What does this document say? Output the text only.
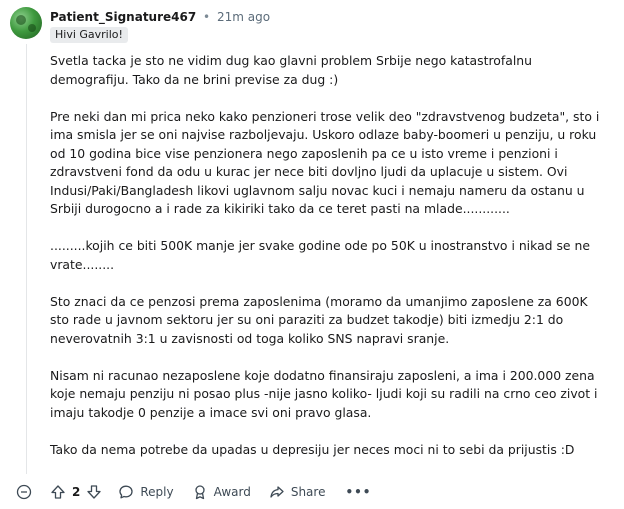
Patient_Signature467 • 21m ago
Hivi Gavrilo!

Svetla tacka je sto ne vidim dug kao glavni problem Srbije nego katastrofalnu demografiju. Tako da ne brini previse za dug :)

Pre neki dan mi prica neko kako penzioneri trose velik deo "zdravstvenog budzeta", sto i ima smisla jer se oni najvise razboljevaju. Uskoro odlaze baby-boomeri u penziju, u roku od 10 godina bice vise penzionera nego zaposlenih pa ce u isto vreme i penzioni i zdravstveni fond da odu u kurac jer nece biti dovljno ljudi da uplacuje u sistem. Ovi Indusi/Paki/Bangladesh likovi uglavnom salju novac kuci i nemaju nameru da ostanu u Srbiji durogocno a i rade za kikiriki tako da ce teret pasti na mlade............

.........kojih ce biti 500K manje jer svake godine ode po 50K u inostranstvo i nikad se ne vrate........

Sto znaci da ce penzosi prema zaposlenima (moramo da umanjimo zaposlene za 600K sto rade u javnom sektoru jer su oni paraziti za budzet takodje) biti izmedju 2:1 do neverovatnih 3:1 u zavisnosti od toga koliko SNS napravi sranje.

Nisam ni racunao nezaposlene koje dodatno finansiraju zaposleni, a ima i 200.000 zena koje nemaju penziju ni posao plus -nije jasno koliko- ljudi koji su radili na crno ceo zivot i imaju takodje 0 penzije a imace svi oni pravo glasa.

Tako da nema potrebe da upadas u depresiju jer neces moci ni to sebi da prijustis :D

2	Reply	Award	Share •••
